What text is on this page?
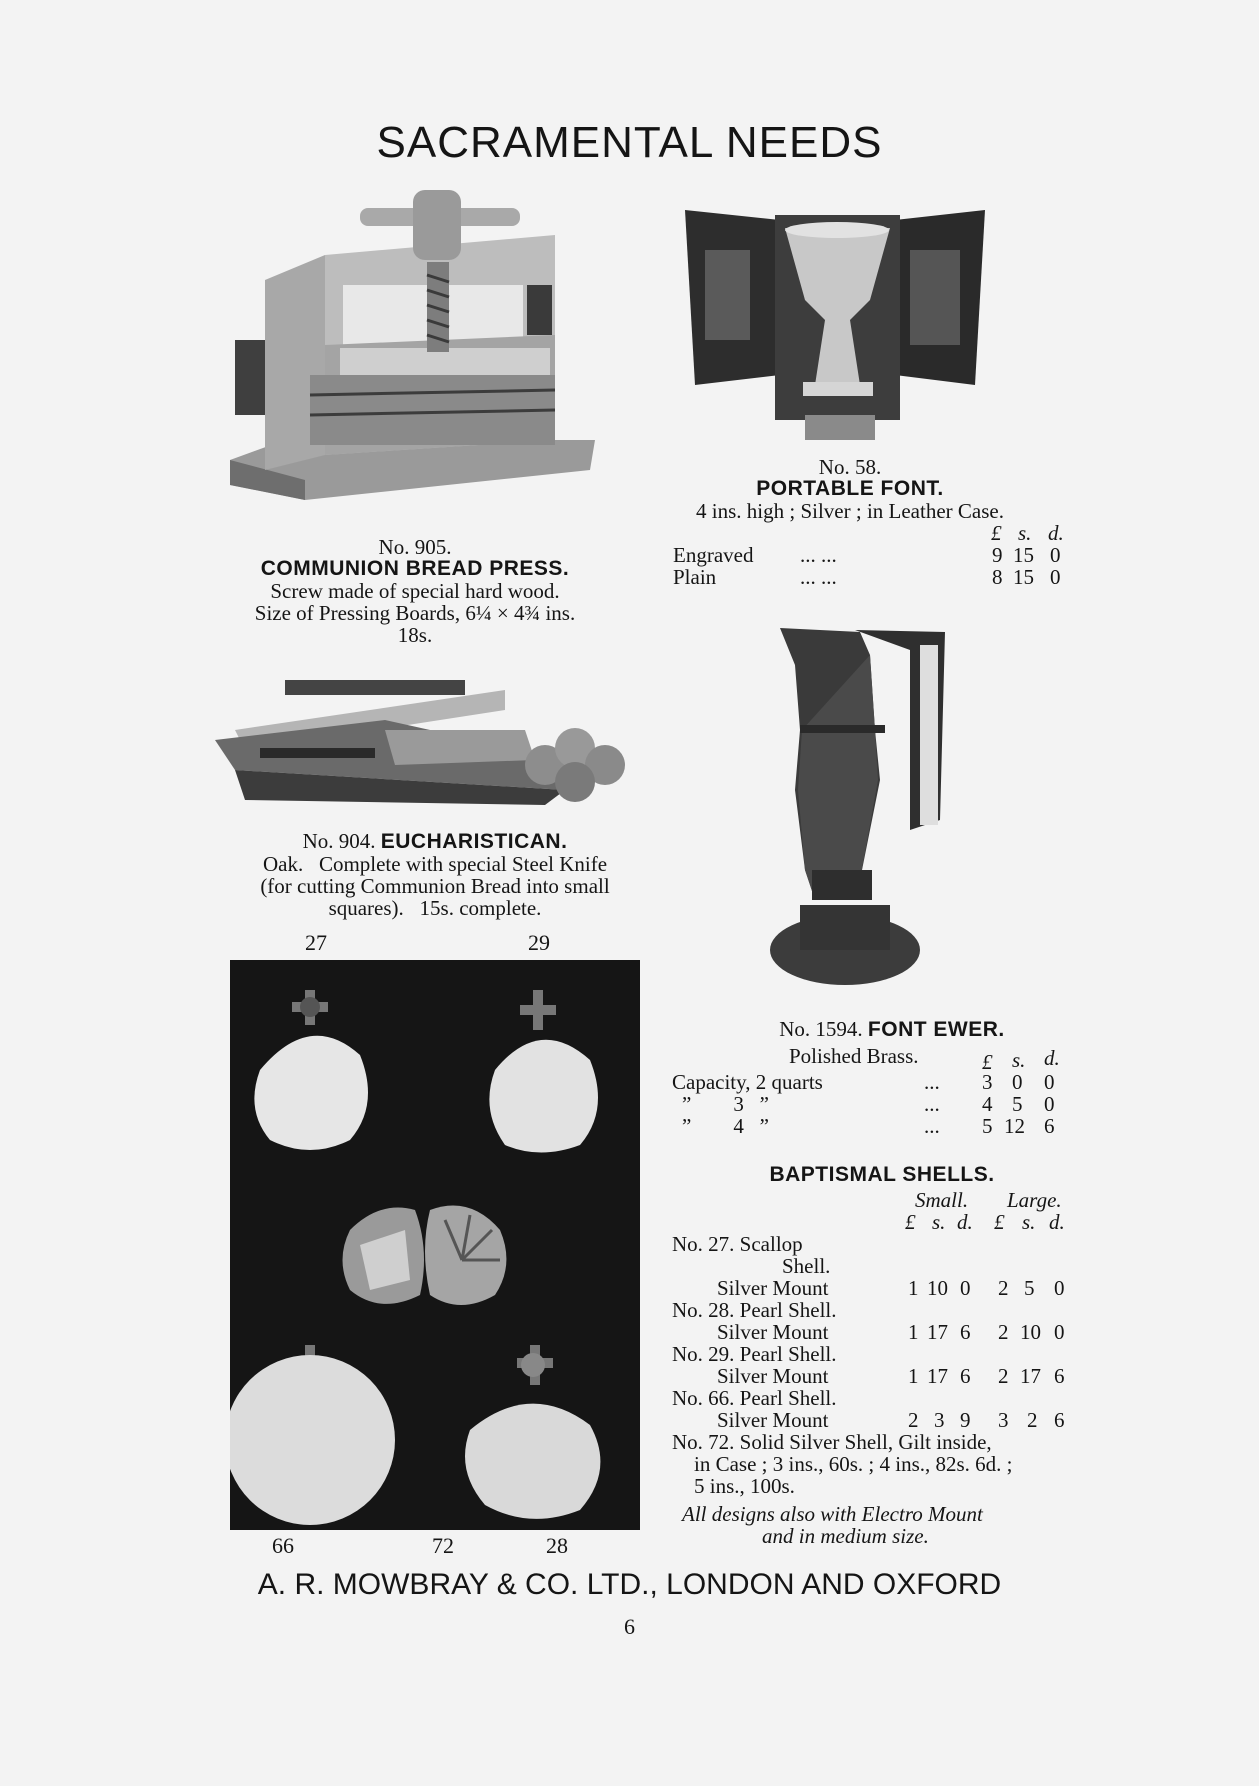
SACRAMENTAL NEEDS
No. 905.
COMMUNION BREAD PRESS.
Screw made of special hard wood.
Size of Pressing Boards, 6¼ × 4¾ ins.
18s.
No. 58.
PORTABLE FONT.
4 ins. high ; Silver ; in Leather Case.
£ s. d.
Engraved ... ...	9 15 0
Plain	... ...	8 15 0
No. 904. EUCHARISTICAN.
Oak.   Complete with special Steel Knife
(for cutting Communion Bread into small
squares).   15s. complete.
No. 1594. FONT EWER.
Polished Brass.	£ s. d.
Capacity, 2 quarts	... 3 0 0
”        3   ”	... 4 5 0
”        4   ”	... 5 12 6
27	29
66	72	28
BAPTISMAL SHELLS.
Small. Large.
£ s. d. £ s. d.
No. 27. Scallop
Shell.
Silver Mount	1 10 0 2 5 0
No. 28. Pearl Shell.
Silver Mount	1 17 6 2 10 0
No. 29. Pearl Shell.
Silver Mount	1 17 6 2 17 6
No. 66. Pearl Shell.
Silver Mount	2 3 9 3 2 6
No. 72. Solid Silver Shell, Gilt inside,
in Case ; 3 ins., 60s. ; 4 ins., 82s. 6d. ;
5 ins., 100s.
All designs also with Electro Mount
and in medium size.
A. R. MOWBRAY & CO. LTD., LONDON AND OXFORD
6
